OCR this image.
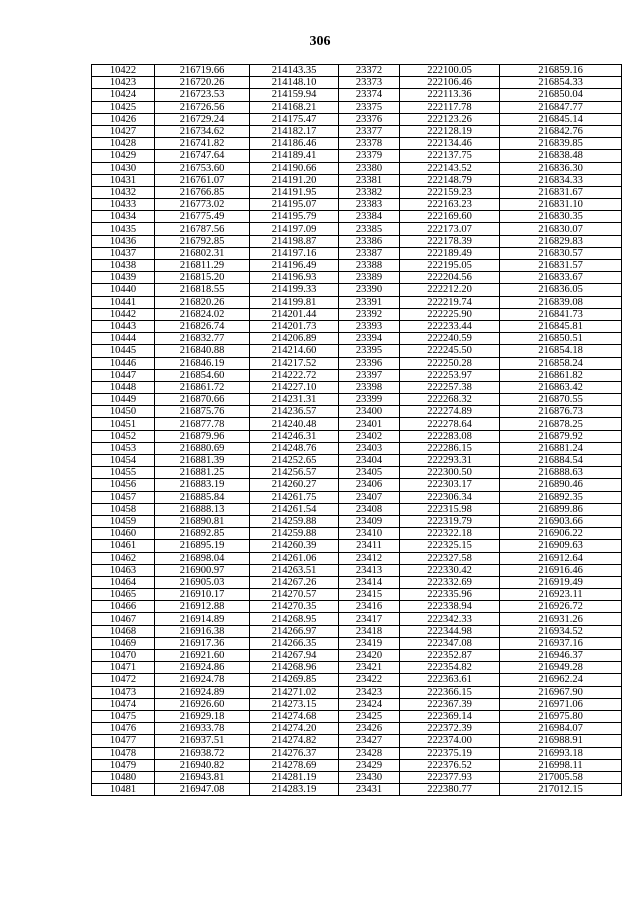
306
10422	216719.66	214143.35	23372	222100.05	216859.16
10423	216720.26	214148.10	23373	222106.46	216854.33
10424	216723.53	214159.94	23374	222113.36	216850.04
10425	216726.56	214168.21	23375	222117.78	216847.77
10426	216729.24	214175.47	23376	222123.26	216845.14
10427	216734.62	214182.17	23377	222128.19	216842.76
10428	216741.82	214186.46	23378	222134.46	216839.85
10429	216747.64	214189.41	23379	222137.75	216838.48
10430	216753.60	214190.66	23380	222143.52	216836.30
10431	216761.07	214191.20	23381	222148.79	216834.33
10432	216766.85	214191.95	23382	222159.23	216831.67
10433	216773.02	214195.07	23383	222163.23	216831.10
10434	216775.49	214195.79	23384	222169.60	216830.35
10435	216787.56	214197.09	23385	222173.07	216830.07
10436	216792.85	214198.87	23386	222178.39	216829.83
10437	216802.31	214197.16	23387	222189.49	216830.57
10438	216811.29	214196.49	23388	222195.05	216831.57
10439	216815.20	214196.93	23389	222204.56	216833.67
10440	216818.55	214199.33	23390	222212.20	216836.05
10441	216820.26	214199.81	23391	222219.74	216839.08
10442	216824.02	214201.44	23392	222225.90	216841.73
10443	216826.74	214201.73	23393	222233.44	216845.81
10444	216832.77	214206.89	23394	222240.59	216850.51
10445	216840.88	214214.60	23395	222245.50	216854.18
10446	216846.19	214217.52	23396	222250.28	216858.24
10447	216854.60	214222.72	23397	222253.97	216861.82
10448	216861.72	214227.10	23398	222257.38	216863.42
10449	216870.66	214231.31	23399	222268.32	216870.55
10450	216875.76	214236.57	23400	222274.89	216876.73
10451	216877.78	214240.48	23401	222278.64	216878.25
10452	216879.96	214246.31	23402	222283.08	216879.92
10453	216880.69	214248.76	23403	222286.15	216881.24
10454	216881.39	214252.65	23404	222293.31	216884.54
10455	216881.25	214256.57	23405	222300.50	216888.63
10456	216883.19	214260.27	23406	222303.17	216890.46
10457	216885.84	214261.75	23407	222306.34	216892.35
10458	216888.13	214261.54	23408	222315.98	216899.86
10459	216890.81	214259.88	23409	222319.79	216903.66
10460	216892.85	214259.88	23410	222322.18	216906.22
10461	216895.19	214260.39	23411	222325.15	216909.63
10462	216898.04	214261.06	23412	222327.58	216912.64
10463	216900.97	214263.51	23413	222330.42	216916.46
10464	216905.03	214267.26	23414	222332.69	216919.49
10465	216910.17	214270.57	23415	222335.96	216923.11
10466	216912.88	214270.35	23416	222338.94	216926.72
10467	216914.89	214268.95	23417	222342.33	216931.26
10468	216916.38	214266.97	23418	222344.98	216934.52
10469	216917.36	214266.35	23419	222347.08	216937.16
10470	216921.60	214267.94	23420	222352.87	216946.37
10471	216924.86	214268.96	23421	222354.82	216949.28
10472	216924.78	214269.85	23422	222363.61	216962.24
10473	216924.89	214271.02	23423	222366.15	216967.90
10474	216926.60	214273.15	23424	222367.39	216971.06
10475	216929.18	214274.68	23425	222369.14	216975.80
10476	216933.78	214274.20	23426	222372.39	216984.07
10477	216937.51	214274.82	23427	222374.00	216988.91
10478	216938.72	214276.37	23428	222375.19	216993.18
10479	216940.82	214278.69	23429	222376.52	216998.11
10480	216943.81	214281.19	23430	222377.93	217005.58
10481	216947.08	214283.19	23431	222380.77	217012.15
